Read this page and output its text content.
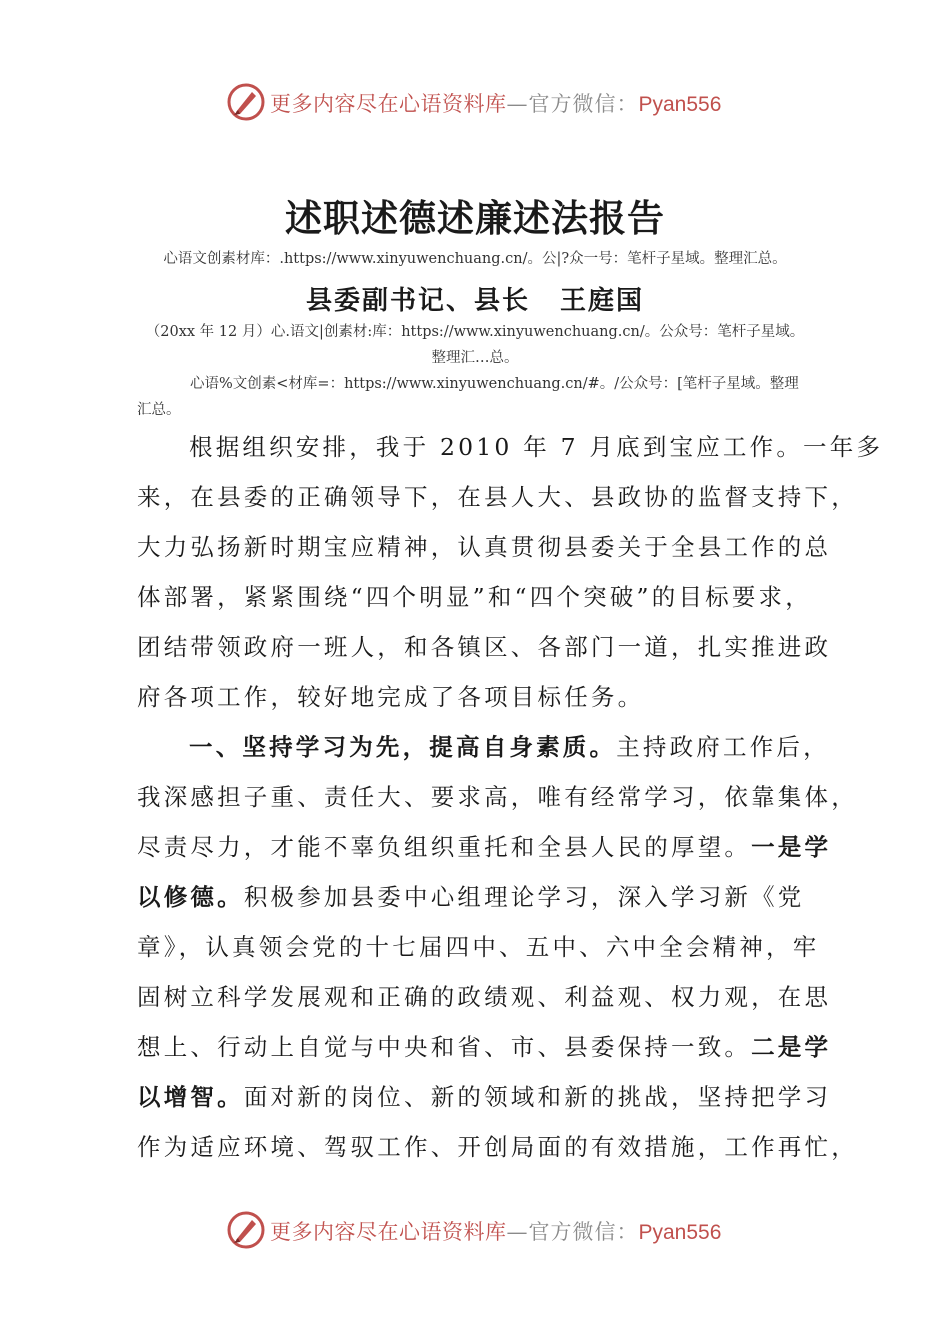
更多内容尽在心语资料库—官方微信：Pyan556
述职述德述廉述法报告
心语文创素材库：.https://www.xinyuwenchuang.cn/。公|?众一号：笔杆子星域。整理汇总。
县委副书记、县长 王庭国
（20xx 年 12 月）心.语文|创素材:库：https://www.xinyuwenchuang.cn/。公众号：笔杆子星域。
整理汇…总。
心语%文创素<材库=：https://www.xinyuwenchuang.cn/#。/公众号：[笔杆子星域。整理
汇总。
根据组织安排，我于 2010 年 7 月底到宝应工作。一年多
来，在县委的正确领导下，在县人大、县政协的监督支持下，
大力弘扬新时期宝应精神，认真贯彻县委关于全县工作的总
体部署，紧紧围绕“四个明显”和“四个突破”的目标要求，
团结带领政府一班人，和各镇区、各部门一道，扎实推进政
府各项工作，较好地完成了各项目标任务。
一、坚持学习为先，提高自身素质。主持政府工作后，
我深感担子重、责任大、要求高，唯有经常学习，依靠集体，
尽责尽力，才能不辜负组织重托和全县人民的厚望。一是学
以修德。积极参加县委中心组理论学习，深入学习新《党
章》，认真领会党的十七届四中、五中、六中全会精神，牢
固树立科学发展观和正确的政绩观、利益观、权力观，在思
想上、行动上自觉与中央和省、市、县委保持一致。二是学
以增智。面对新的岗位、新的领域和新的挑战，坚持把学习
作为适应环境、驾驭工作、开创局面的有效措施，工作再忙，
更多内容尽在心语资料库—官方微信：Pyan556
